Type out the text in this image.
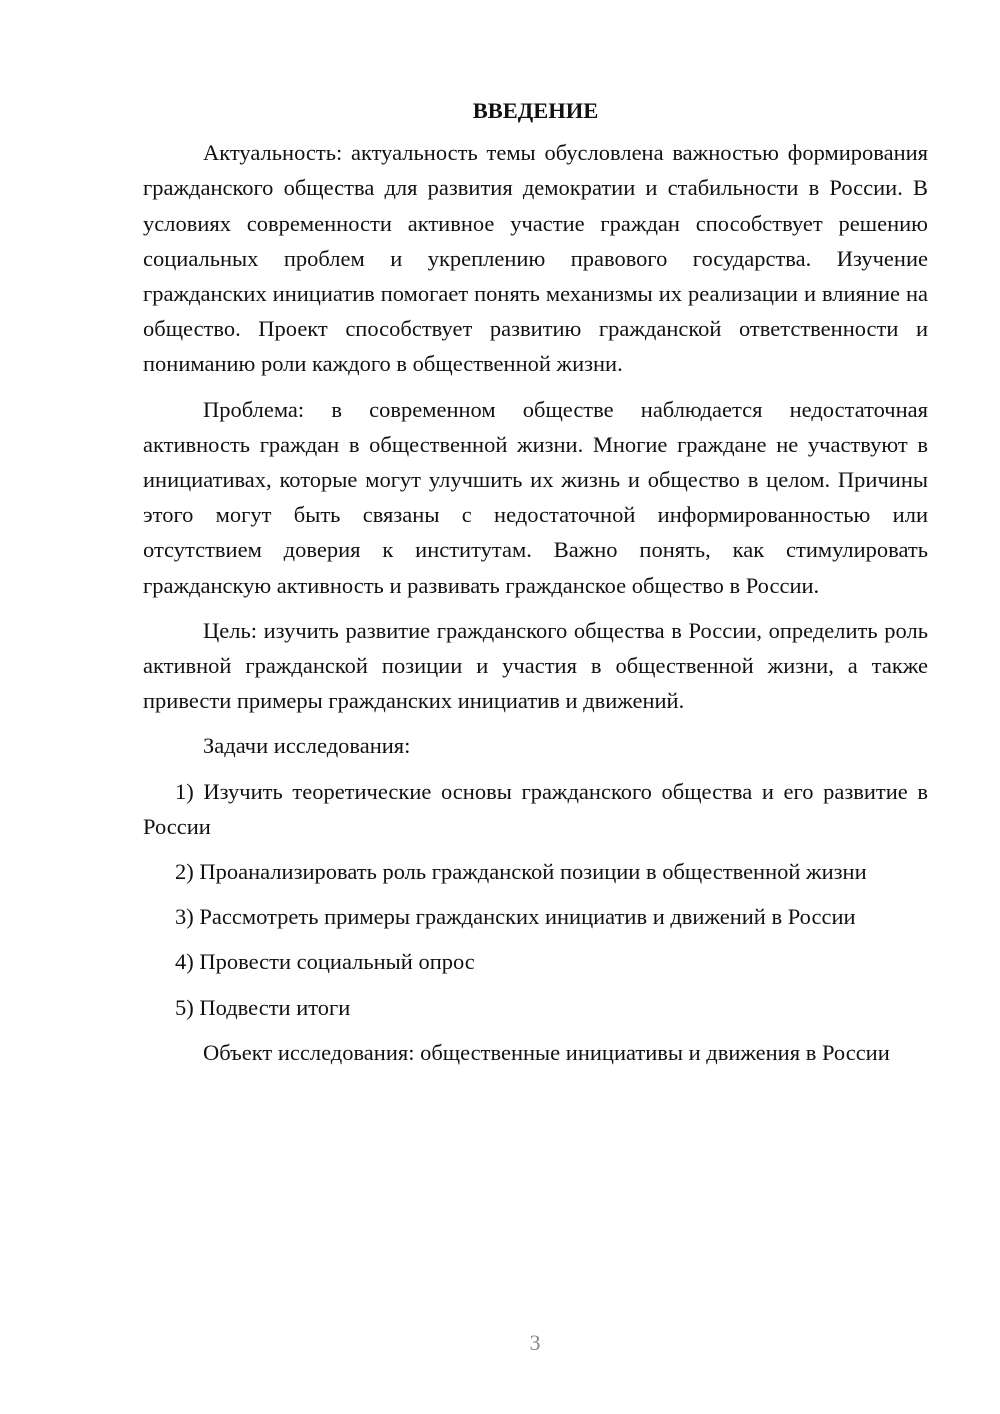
ВВЕДЕНИЕ

Актуальность: актуальность темы обусловлена важностью формирования гражданского общества для развития демократии и стабильности в России. В условиях современности активное участие граждан способствует решению социальных проблем и укреплению правового государства. Изучение гражданских инициатив помогает понять механизмы их реализации и влияние на общество. Проект способствует развитию гражданской ответственности и пониманию роли каждого в общественной жизни.

Проблема: в современном обществе наблюдается недостаточная активность граждан в общественной жизни. Многие граждане не участвуют в инициативах, которые могут улучшить их жизнь и общество в целом. Причины этого могут быть связаны с недостаточной информированностью или отсутствием доверия к институтам. Важно понять, как стимулировать гражданскую активность и развивать гражданское общество в России.

Цель: изучить развитие гражданского общества в России, определить роль активной гражданской позиции и участия в общественной жизни, а также привести примеры гражданских инициатив и движений.

Задачи исследования:

1) Изучить теоретические основы гражданского общества и его развитие в России

2) Проанализировать роль гражданской позиции в общественной жизни

3) Рассмотреть примеры гражданских инициатив и движений в России

4) Провести социальный опрос

5) Подвести итоги

Объект исследования: общественные инициативы и движения в России

3
